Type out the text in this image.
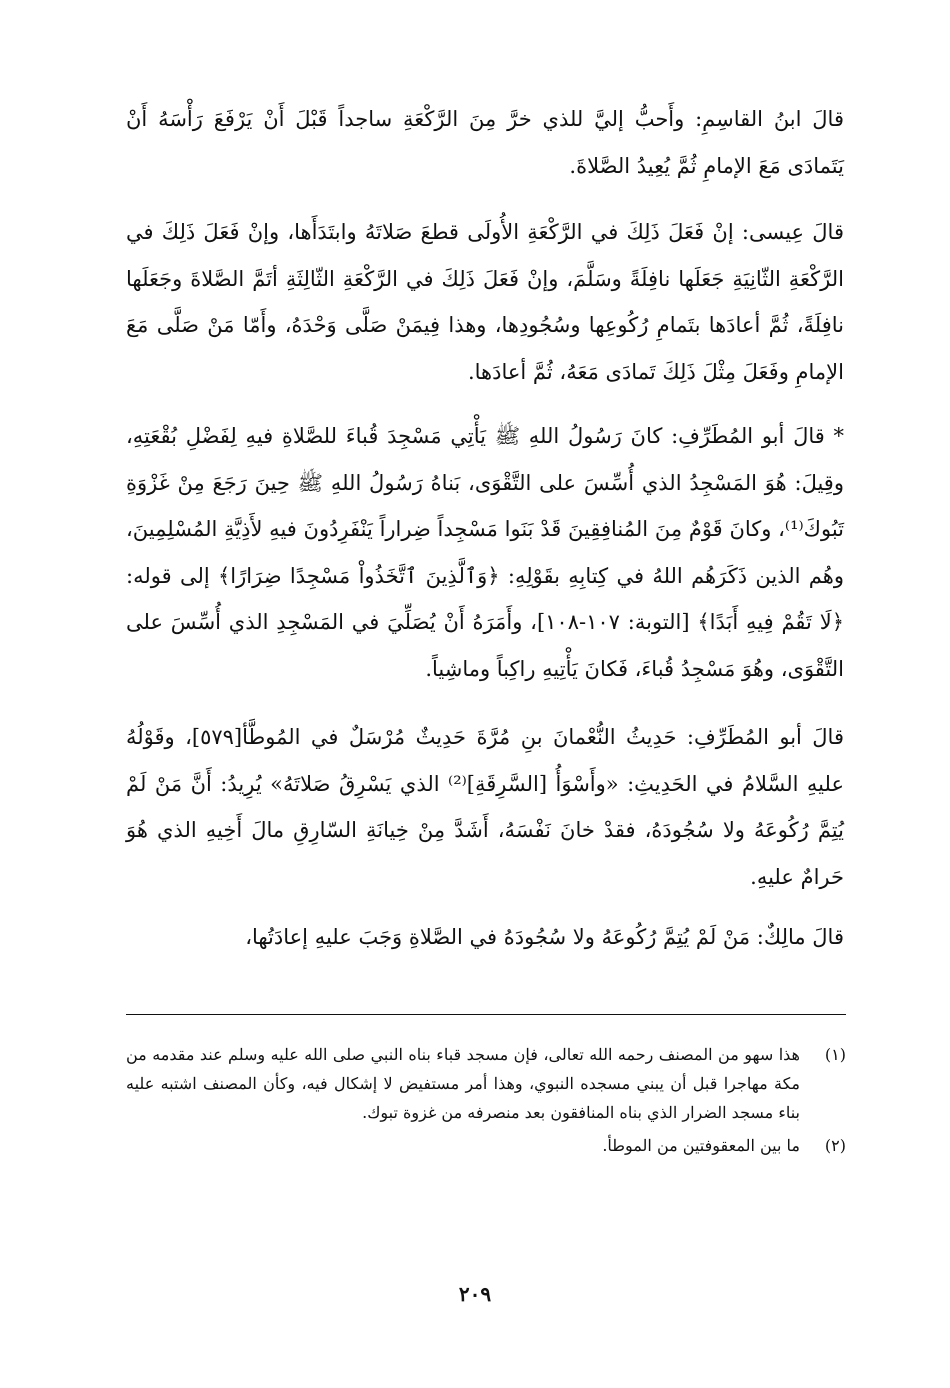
قالَ ابنُ القاسِمِ: وأَحبُّ إليَّ للذي خرَّ مِنَ الرَّكْعَةِ ساجداً قَبْلَ أَنْ يَرْفَعَ رَأْسَهُ أَنْ يَتَمادَى مَعَ الإمامِ ثُمَّ يُعِيدُ الصَّلاةَ.

قالَ عِيسى: إنْ فَعَلَ ذَلِكَ في الرَّكْعَةِ الأُولَى قطعَ صَلاتَهُ وابتَدَأَها، وإنْ فَعَلَ ذَلِكَ في الرَّكْعَةِ الثّانِيَةِ جَعَلَها نافِلَةً وسَلَّمَ، وإنْ فَعَلَ ذَلِكَ في الرَّكْعَةِ الثّالِثَةِ أتَمَّ الصَّلاةَ وجَعَلَها نافِلَةً، ثُمَّ أعادَها بتَمامِ رُكُوعِها وسُجُودِها، وهذا فِيمَنْ صَلَّى وَحْدَهُ، وأَمّا مَنْ صَلَّى مَعَ الإمامِ وفَعَلَ مِثْلَ ذَلِكَ تَمادَى مَعَهُ، ثُمَّ أعادَها.

* قالَ أبو المُطَرِّفِ: كانَ رَسُولُ اللهِ ﷺ يَأْتِي مَسْجِدَ قُباءَ للصَّلاةِ فيهِ لِفَضْلِ بُقْعَتِهِ، وقِيلَ: هُوَ المَسْجِدُ الذي أُسِّسَ على التَّقْوَى، بَناهُ رَسُولُ اللهِ ﷺ حِينَ رَجَعَ مِنْ غَزْوَةِ تَبُوكَ⁽¹⁾، وكانَ قَوْمٌ مِنَ المُنافِقِينَ قَدْ بَنَوا مَسْجِداً ضِراراً يَنْفَرِدُونَ فيهِ لأَذِيَّةِ المُسْلِمِينَ، وهُم الذين ذَكَرَهُم اللهُ في كِتابِهِ بقَوْلِهِ: ﴿وَٱلَّذِينَ ٱتَّخَذُواْ مَسْجِدًا ضِرَارًا﴾ إلى قوله: ﴿لَا تَقُمْ فِيهِ أَبَدًا﴾ [التوبة: ١٠٧-١٠٨]، وأَمَرَهُ أَنْ يُصَلِّيَ في المَسْجِدِ الذي أُسِّسَ على التَّقْوَى، وهُوَ مَسْجِدُ قُباءَ، فَكانَ يَأْتِيهِ راكِباً وماشِياً.

قالَ أبو المُطَرِّفِ: حَدِيثُ النُّعْمانَ بنِ مُرَّةَ حَدِيثٌ مُرْسَلٌ في المُوطَّأ[٥٧٩]، وقَوْلُهُ عليهِ السَّلامُ في الحَدِيثِ: «وأَسْوَأُ [السَّرِقَةِ]⁽²⁾ الذي يَسْرِقُ صَلاتَهُ» يُرِيدُ: أَنَّ مَنْ لَمْ يُتِمَّ رُكُوعَهُ ولا سُجُودَهُ، فقدْ خانَ نَفْسَهُ، أَشَدَّ مِنْ خِيانَةِ السّارِقِ مالَ أَخِيهِ الذي هُوَ حَرامٌ عليهِ.

قالَ مالِكٌ: مَنْ لَمْ يُتِمَّ رُكُوعَهُ ولا سُجُودَهُ في الصَّلاةِ وَجَبَ عليهِ إعادَتُها،

(١)
هذا سهو من المصنف رحمه الله تعالى، فإن مسجد قباء بناه النبي صلى الله عليه وسلم عند مقدمه من مكة مهاجرا قبل أن يبني مسجده النبوي، وهذا أمر مستفيض لا إشكال فيه، وكأن المصنف اشتبه عليه بناء مسجد الضرار الذي بناه المنافقون بعد منصرفه من غزوة تبوك.
(٢)
ما بين المعقوفتين من الموطأ.
٢٠٩
